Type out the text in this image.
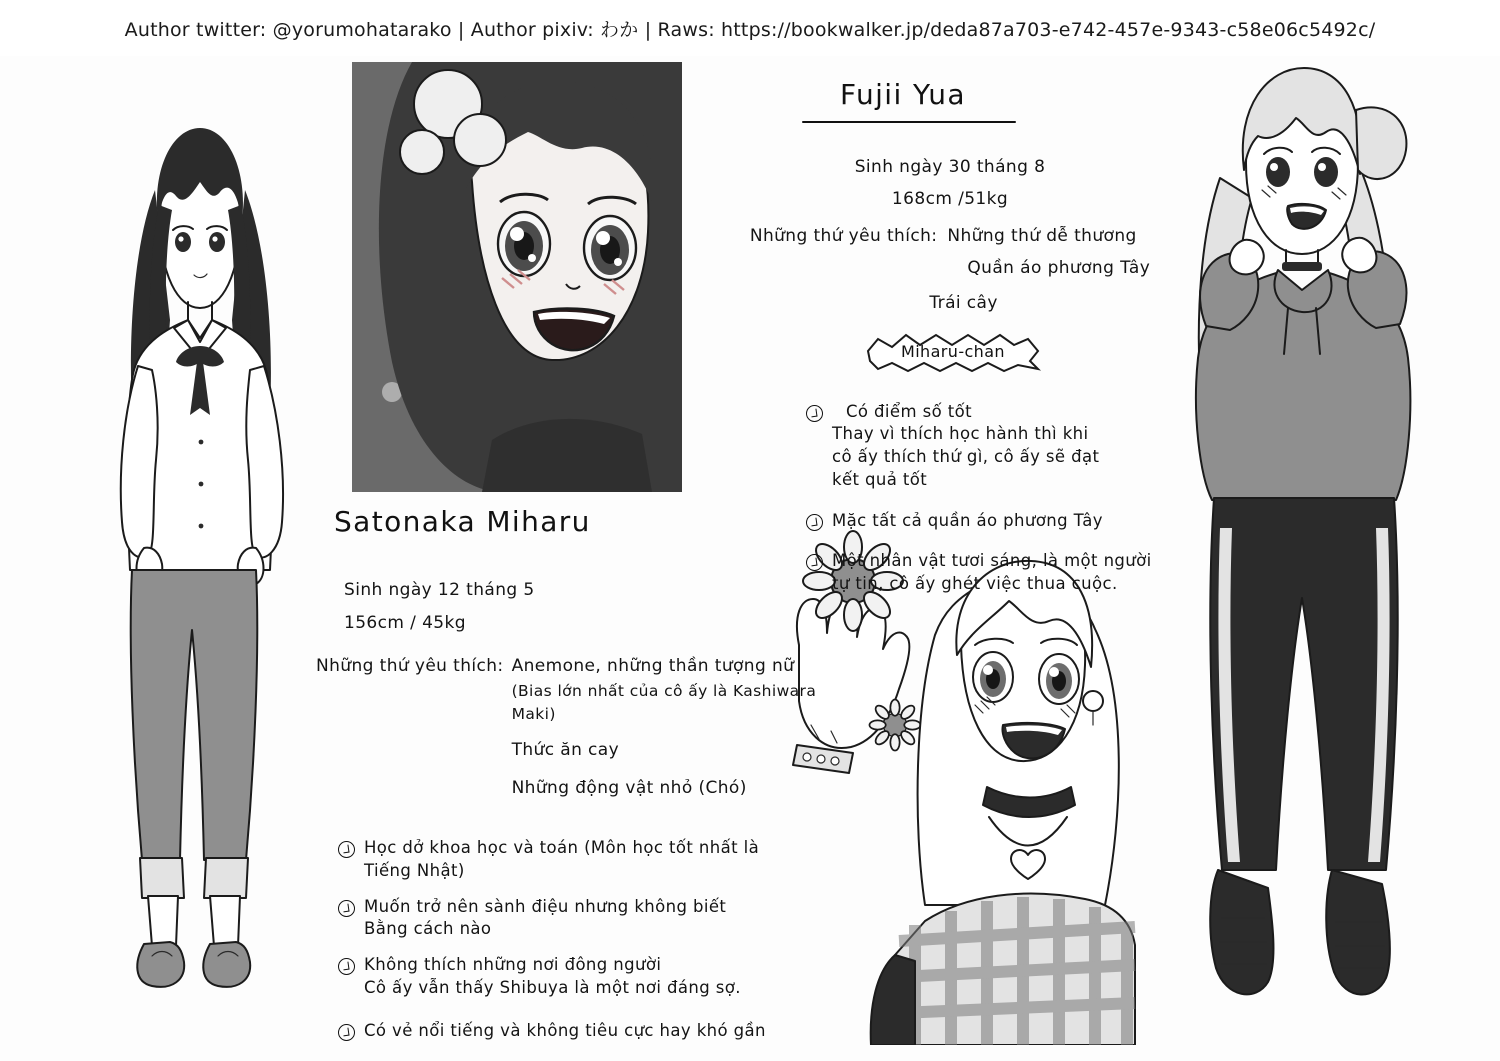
Author twitter: @yorumohatarako | Author pixiv: わか | Raws: https://bookwalker.jp/deda87a703-e742-457e-9343-c58e06c5492c/
Satonaka Miharu
Sinh ngày 12 tháng 5
156cm / 45kg
Những thứ yêu thích: Anemone, những thần tượng nữ
(Bias lớn nhất của cô ấy là Kashiwara
Maki)
Thức ăn cay
Những động vật nhỏ (Chó)
Học dở khoa học và toán (Môn học tốt nhất là
Tiếng Nhật)
Muốn trở nên sành điệu nhưng không biết
Bằng cách nào
Không thích những nơi đông người
Cô ấy vẫn thấy Shibuya là một nơi đáng sợ.
Có vẻ nổi tiếng và không tiêu cực hay khó gần
Fujii Yua
Sinh ngày 30 tháng 8
168cm /51kg
Những thứ yêu thích: Những thứ dễ thương
Quần áo phương Tây
Trái cây
Miharu-chan
Có điểm số tốt
Thay vì thích học hành thì khi
cô ấy thích thứ gì, cô ấy sẽ đạt
kết quả tốt
Mặc tất cả quần áo phương Tây
Một nhân vật tươi sáng, là một người
tự tin, cô ấy ghét việc thua cuộc.
